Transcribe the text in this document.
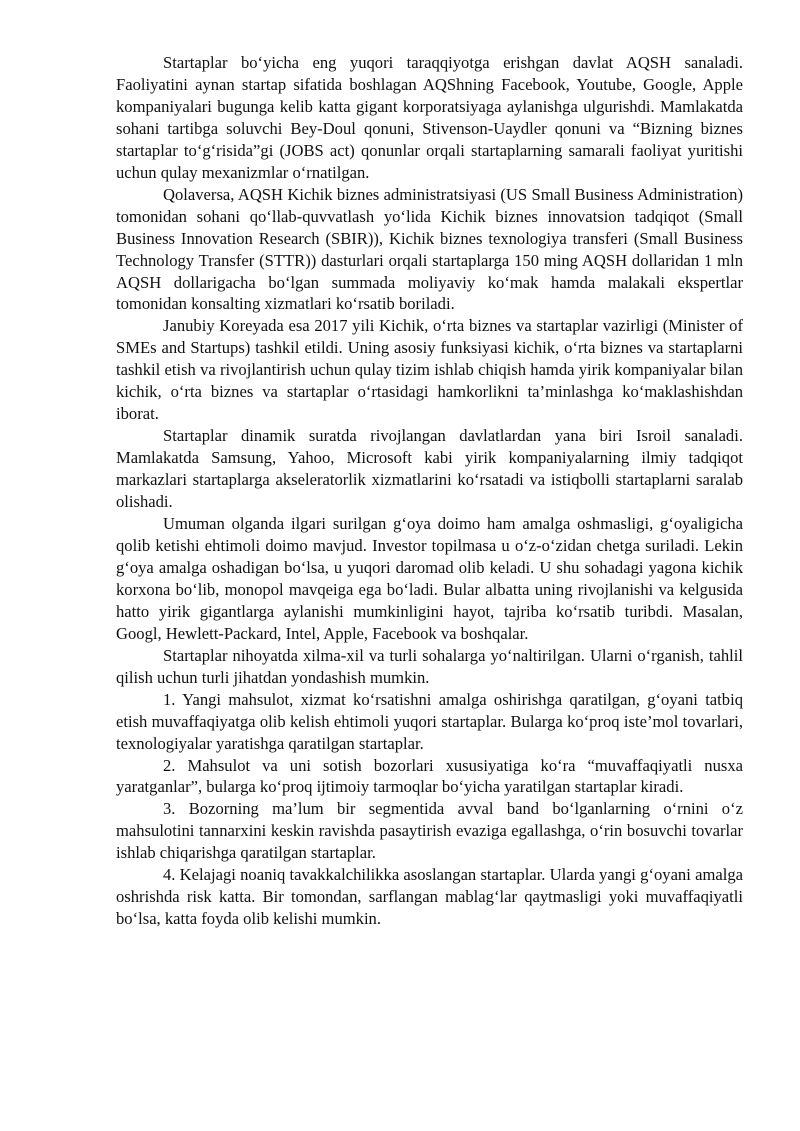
Startaplar bo‘yicha eng yuqori taraqqiyotga erishgan davlat AQSH sanaladi. Faoliyatini aynan startap sifatida boshlagan AQShning Facebook, Youtube, Google, Apple kompaniyalari bugunga kelib katta gigant korporatsiyaga aylanishga ulgurishdi. Mamlakatda sohani tartibga soluvchi Bey-Doul qonuni, Stivenson-Uaydler qonuni va “Bizning biznes startaplar to‘g‘risida”gi (JOBS act) qonunlar orqali startaplarning samarali faoliyat yuritishi uchun qulay mexanizmlar o‘rnatilgan.

Qolaversa, AQSH Kichik biznes administratsiyasi (US Small Business Administration) tomonidan sohani qo‘llab-quvvatlash yo‘lida Kichik biznes innovatsion tadqiqot (Small Business Innovation Research (SBIR)), Kichik biznes texnologiya transferi (Small Business Technology Transfer (STTR)) dasturlari orqali startaplarga 150 ming AQSH dollaridan 1 mln AQSH dollarigacha bo‘lgan summada moliyaviy ko‘mak hamda malakali ekspertlar tomonidan konsalting xizmatlari ko‘rsatib boriladi.

Janubiy Koreyada esa 2017 yili Kichik, o‘rta biznes va startaplar vazirligi (Minister of SMEs and Startups) tashkil etildi. Uning asosiy funksiyasi kichik, o‘rta biznes va startaplarni tashkil etish va rivojlantirish uchun qulay tizim ishlab chiqish hamda yirik kompaniyalar bilan kichik, o‘rta biznes va startaplar o‘rtasidagi hamkorlikni ta’minlashga ko‘maklashishdan iborat.

Startaplar dinamik suratda rivojlangan davlatlardan yana biri Isroil sanaladi. Mamlakatda Samsung, Yahoo, Microsoft kabi yirik kompaniyalarning ilmiy tadqiqot markazlari startaplarga akseleratorlik xizmatlarini ko‘rsatadi va istiqbolli startaplarni saralab olishadi.

Umuman olganda ilgari surilgan g‘oya doimo ham amalga oshmasligi, g‘oyaligicha qolib ketishi ehtimoli doimo mavjud. Investor topilmasa u o‘z-o‘zidan chetga suriladi. Lekin g‘oya amalga oshadigan bo‘lsa, u yuqori daromad olib keladi. U shu sohadagi yagona kichik korxona bo‘lib, monopol mavqeiga ega bo‘ladi. Bular albatta uning rivojlanishi va kelgusida hatto yirik gigantlarga aylanishi mumkinligini hayot, tajriba ko‘rsatib turibdi. Masalan, Googl, Hewlett-Packard, Intel, Apple, Facebook va boshqalar.

Startaplar nihoyatda xilma-xil va turli sohalarga yo‘naltirilgan. Ularni o‘rganish, tahlil qilish uchun turli jihatdan yondashish mumkin.

1. Yangi mahsulot, xizmat ko‘rsatishni amalga oshirishga qaratilgan, g‘oyani tatbiq etish muvaffaqiyatga olib kelish ehtimoli yuqori startaplar. Bularga ko‘proq iste’mol tovarlari, texnologiyalar yaratishga qaratilgan startaplar.

2. Mahsulot va uni sotish bozorlari xususiyatiga ko‘ra “muvaffaqiyatli nusxa yaratganlar”, bularga ko‘proq ijtimoiy tarmoqlar bo‘yicha yaratilgan startaplar kiradi.

3. Bozorning ma’lum bir segmentida avval band bo‘lganlarning o‘rnini o‘z mahsulotini tannarxini keskin ravishda pasaytirish evaziga egallashga, o‘rin bosuvchi tovarlar ishlab chiqarishga qaratilgan startaplar.

4. Kelajagi noaniq tavakkalchilikka asoslangan startaplar. Ularda yangi g‘oyani amalga oshrishda risk katta. Bir tomondan, sarflangan mablag‘lar qaytmasligi yoki muvaffaqiyatli bo‘lsa, katta foyda olib kelishi mumkin.
